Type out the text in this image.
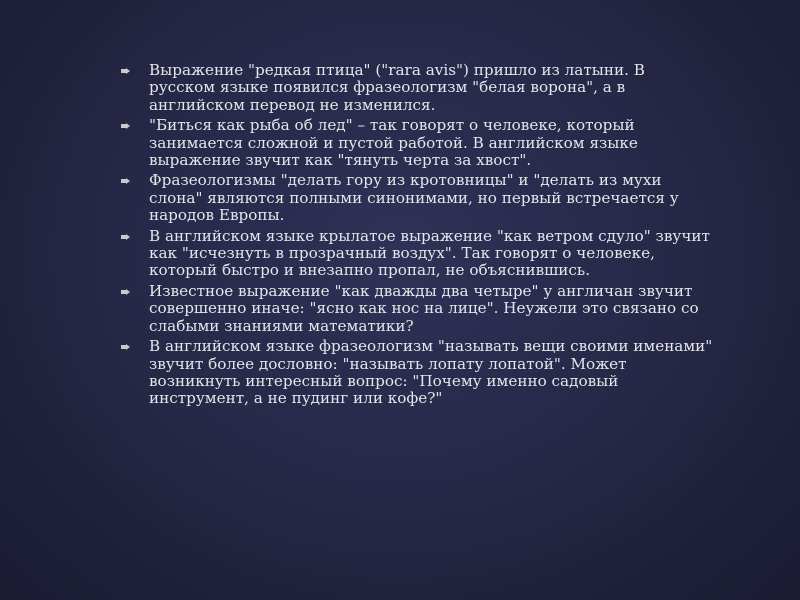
Выражение "редкая птица" ("rara avis") пришло из латыни. В русском языке появился фразеологизм "белая ворона", а в английском перевод не изменился.
"Биться как рыба об лед" – так говорят о человеке, который занимается сложной и пустой работой. В английском языке выражение звучит как "тянуть черта за хвост".
Фразеологизмы "делать гору из кротовницы" и "делать из мухи слона" являются полными синонимами, но первый встречается у народов Европы.
В английском языке крылатое выражение "как ветром сдуло" звучит как "исчезнуть в прозрачный воздух". Так говорят о человеке, который быстро и внезапно пропал, не объяснившись.
Известное выражение "как дважды два четыре" у англичан звучит совершенно иначе: "ясно как нос на лице". Неужели это связано со слабыми знаниями математики?
В английском языке фразеологизм "называть вещи своими именами" звучит более дословно: "называть лопату лопатой". Может возникнуть интересный вопрос: "Почему именно садовый инструмент, а не пудинг или кофе?"
